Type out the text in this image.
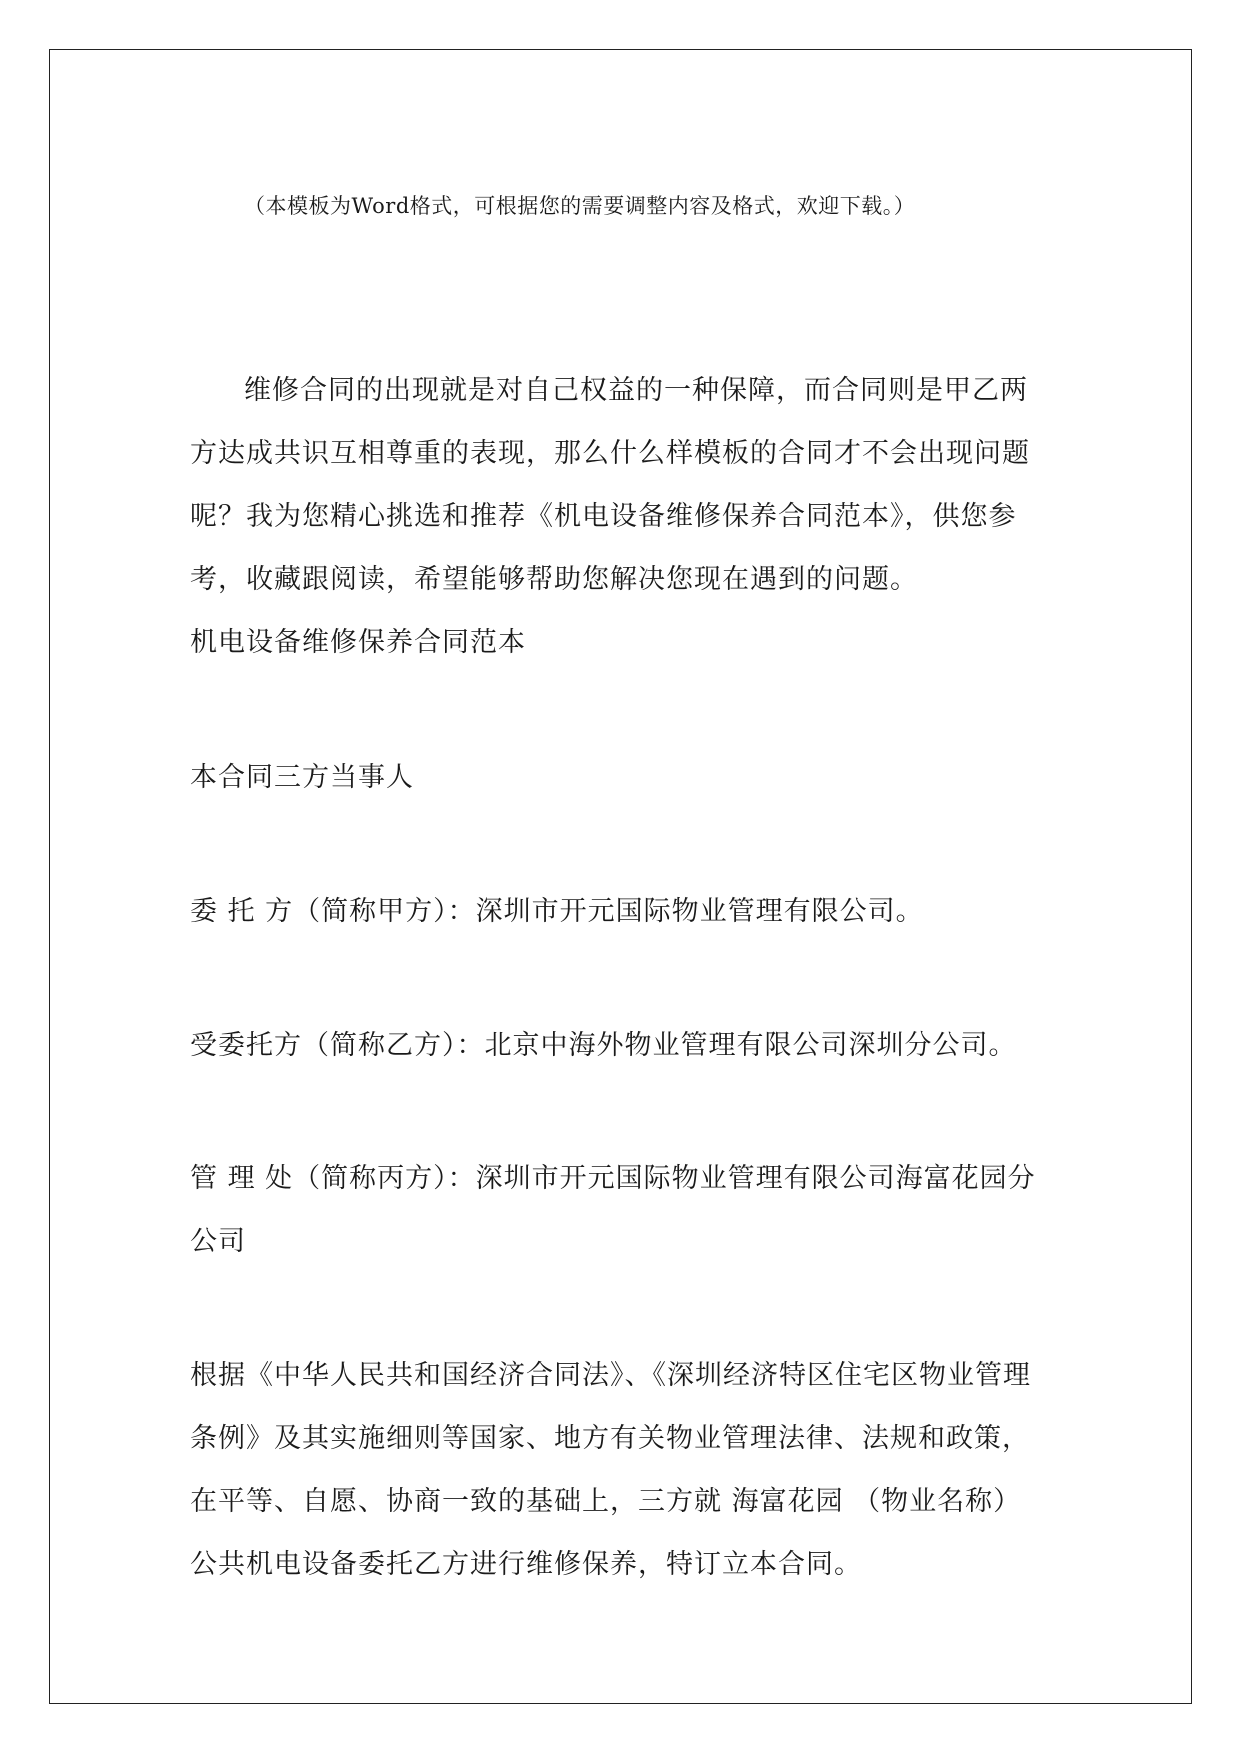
（本模板为Word格式，可根据您的需要调整内容及格式，欢迎下载。）
维修合同的出现就是对自己权益的一种保障，而合同则是甲乙两
方达成共识互相尊重的表现，那么什么样模板的合同才不会出现问题
呢？我为您精心挑选和推荐《机电设备维修保养合同范本》，供您参
考，收藏跟阅读，希望能够帮助您解决您现在遇到的问题。
机电设备维修保养合同范本
本合同三方当事人
委 托 方（简称甲方）：深圳市开元国际物业管理有限公司。
受委托方（简称乙方）：北京中海外物业管理有限公司深圳分公司。
管 理 处（简称丙方）：深圳市开元国际物业管理有限公司海富花园分
公司
根据《中华人民共和国经济合同法》、《深圳经济特区住宅区物业管理
条例》及其实施细则等国家、地方有关物业管理法律、法规和政策，
在平等、自愿、协商一致的基础上，三方就 海富花园 （物业名称）
公共机电设备委托乙方进行维修保养，特订立本合同。
